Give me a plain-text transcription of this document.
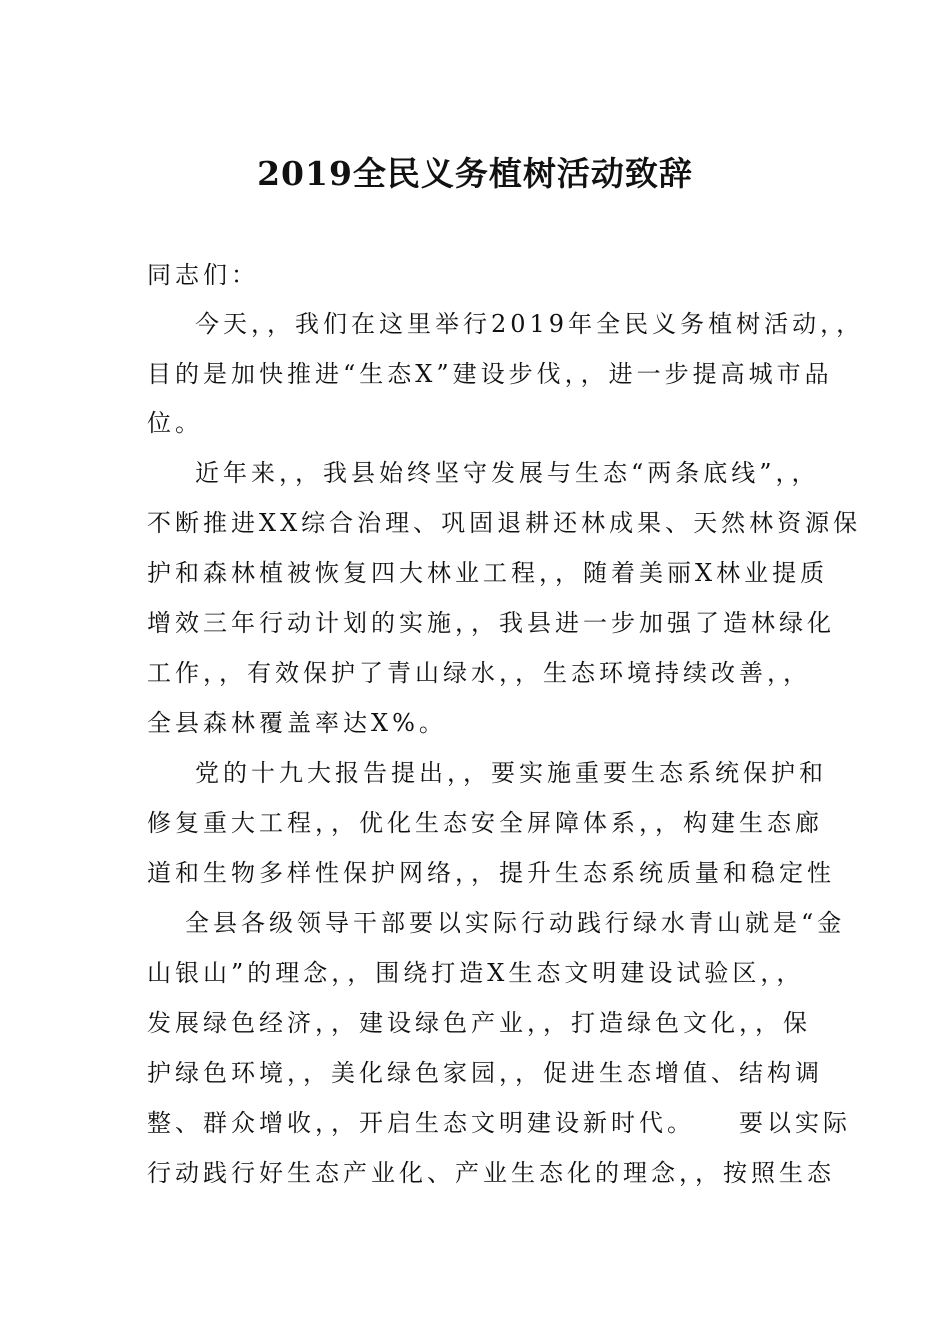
2019全民义务植树活动致辞

同志们：

今天，，我们在这里举行2019年全民义务植树活动，，

目的是加快推进“生态X”建设步伐，，进一步提高城市品

位。

近年来，，我县始终坚守发展与生态“两条底线”，，

不断推进XX综合治理、巩固退耕还林成果、天然林资源保

护和森林植被恢复四大林业工程，，随着美丽X林业提质

增效三年行动计划的实施，，我县进一步加强了造林绿化

工作，，有效保护了青山绿水，，生态环境持续改善，，

全县森林覆盖率达X%。

党的十九大报告提出，，要实施重要生态系统保护和

修复重大工程，，优化生态安全屏障体系，，构建生态廊

道和生物多样性保护网络，，提升生态系统质量和稳定性

全县各级领导干部要以实际行动践行绿水青山就是“金

山银山”的理念，，围绕打造X生态文明建设试验区，，

发展绿色经济，，建设绿色产业，，打造绿色文化，，保

护绿色环境，，美化绿色家园，，促进生态增值、结构调

整、群众增收，，开启生态文明建设新时代。　　要以实际

行动践行好生态产业化、产业生态化的理念，，按照生态
